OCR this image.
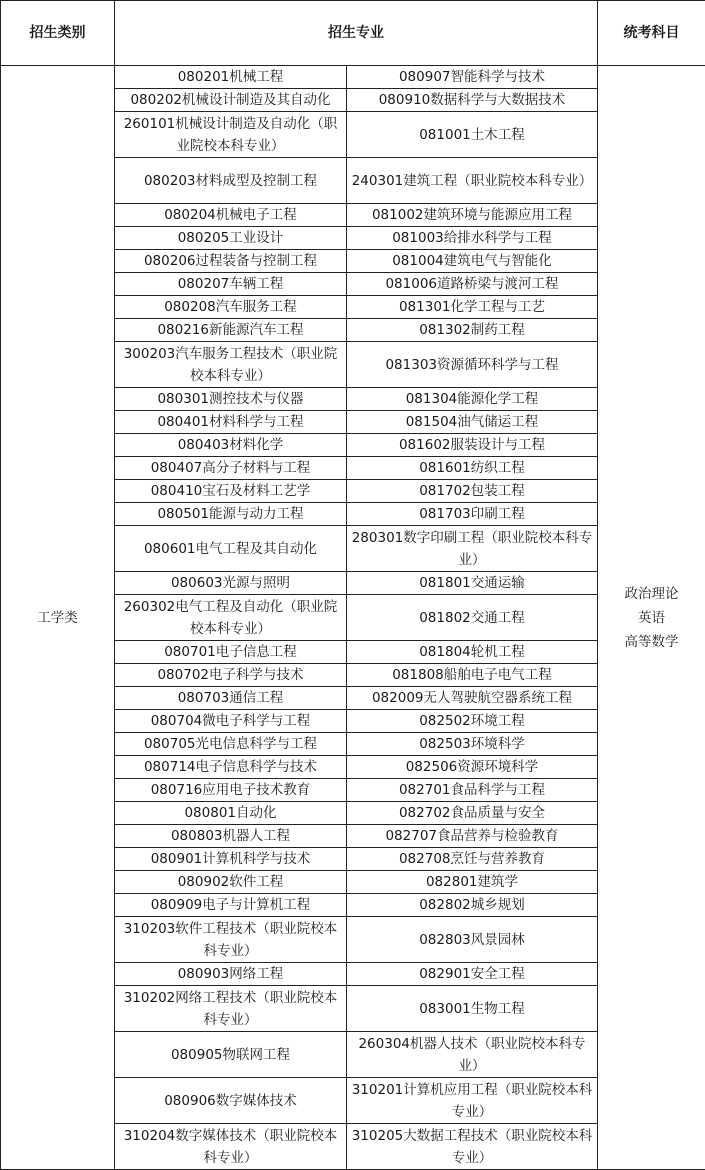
招生类别	招生专业		统考科目
工学类	080201机械工程	080907智能科学与技术	政治理论
英语
高等数学

	080202机械设计制造及其自动化	080910数据科学与大数据技术	
	260101机械设计制造及自动化（职业院校本科专业）	081001土木工程	
	080203材料成型及控制工程	240301建筑工程（职业院校本科专业）	
	080204机械电子工程	081002建筑环境与能源应用工程	
	080205工业设计	081003给排水科学与工程	
	080206过程装备与控制工程	081004建筑电气与智能化	
	080207车辆工程	081006道路桥梁与渡河工程	
	080208汽车服务工程	081301化学工程与工艺	
	080216新能源汽车工程	081302制药工程	
	300203汽车服务工程技术（职业院校本科专业）	081303资源循环科学与工程	
	080301测控技术与仪器	081304能源化学工程	
	080401材料科学与工程	081504油气储运工程	
	080403材料化学	081602服装设计与工程	
	080407高分子材料与工程	081601纺织工程	
	080410宝石及材料工艺学	081702包装工程	
	080501能源与动力工程	081703印刷工程	
	080601电气工程及其自动化	280301数字印刷工程（职业院校本科专业）	
	080603光源与照明	081801交通运输	
	260302电气工程及自动化（职业院校本科专业）	081802交通工程	
	080701电子信息工程	081804轮机工程	
	080702电子科学与技术	081808船舶电子电气工程	
	080703通信工程	082009无人驾驶航空器系统工程	
	080704微电子科学与工程	082502环境工程	
	080705光电信息科学与工程	082503环境科学	
	080714电子信息科学与技术	082506资源环境科学	
	080716应用电子技术教育	082701食品科学与工程	
	080801自动化	082702食品质量与安全	
	080803机器人工程	082707食品营养与检验教育	
	080901计算机科学与技术	082708烹饪与营养教育	
	080902软件工程	082801建筑学	
	080909电子与计算机工程	082802城乡规划	
	310203软件工程技术（职业院校本科专业）	082803风景园林	
	080903网络工程	082901安全工程	
	310202网络工程技术（职业院校本科专业）	083001生物工程	
	080905物联网工程	260304机器人技术（职业院校本科专业）	
	080906数字媒体技术	310201计算机应用工程（职业院校本科专业）	
	310204数字媒体技术（职业院校本科专业）	310205大数据工程技术（职业院校本科专业）	
